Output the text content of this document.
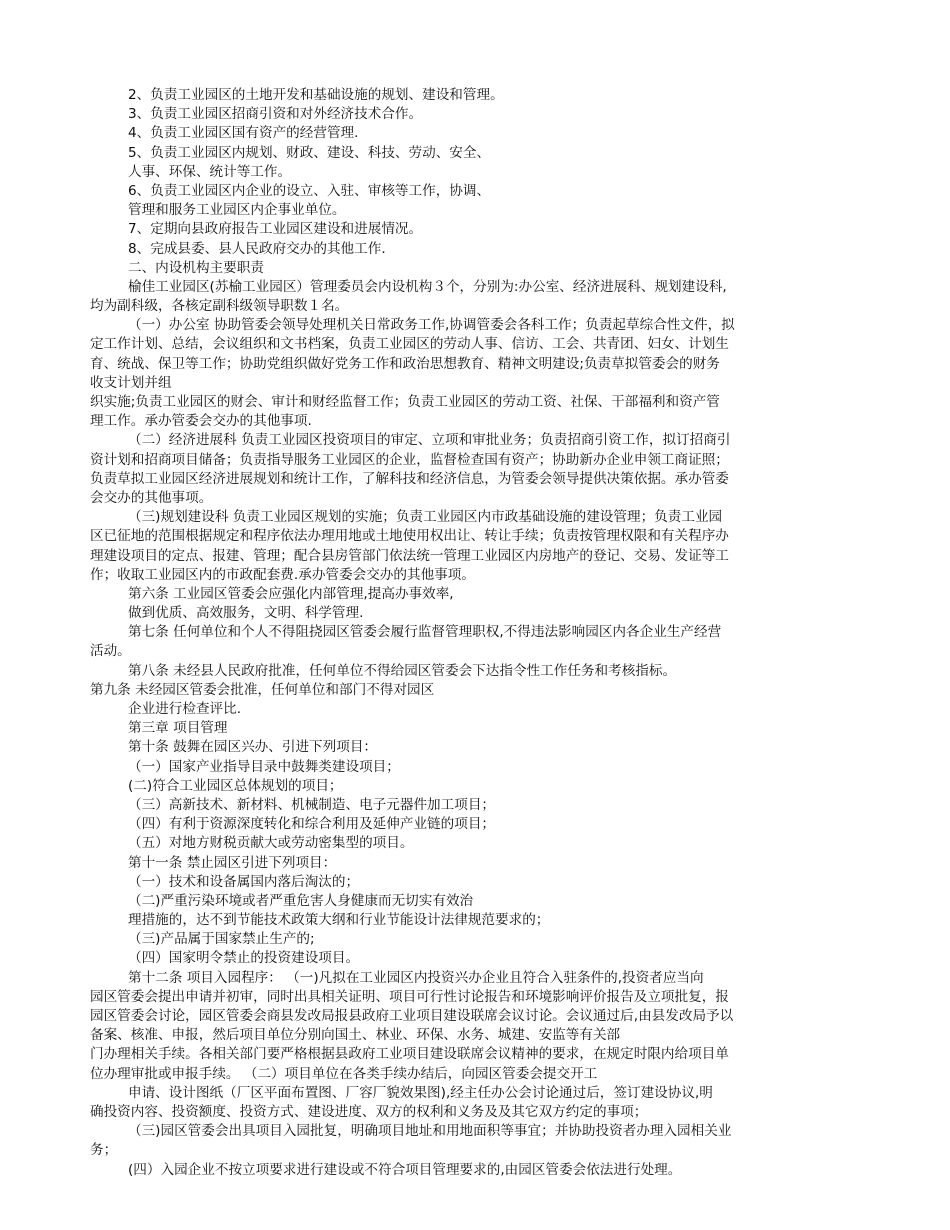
2、负责工业园区的土地开发和基础设施的规划、建设和管理。
3、负责工业园区招商引资和对外经济技术合作。
4、负责工业园区国有资产的经营管理.
5、负责工业园区内规划、财政、建设、科技、劳动、安全、
人事、环保、统计等工作。
6、负责工业园区内企业的设立、入驻、审核等工作，协调、
管理和服务工业园区内企事业单位。
7、定期向县政府报告工业园区建设和进展情况。
8、完成县委、县人民政府交办的其他工作.
二、内设机构主要职责
榆佳工业园区(苏榆工业园区）管理委员会内设机构３个，分别为:办公室、经济进展科、规划建设科,
均为副科级，各核定副科级领导职数１名。
（一）办公室 协助管委会领导处理机关日常政务工作,协调管委会各科工作；负责起草综合性文件，拟
定工作计划、总结，会议组织和文书档案，负责工业园区的劳动人事、信访、工会、共青团、妇女、计划生
育、统战、保卫等工作；协助党组织做好党务工作和政治思想教育、精神文明建设;负责草拟管委会的财务
收支计划并组
织实施;负责工业园区的财会、审计和财经监督工作；负责工业园区的劳动工资、社保、干部福利和资产管
理工作。承办管委会交办的其他事项.
（二）经济进展科 负责工业园区投资项目的审定、立项和审批业务；负责招商引资工作，拟订招商引
资计划和招商项目储备；负责指导服务工业园区的企业，监督检查国有资产；协助新办企业申领工商证照；
负责草拟工业园区经济进展规划和统计工作，了解科技和经济信息，为管委会领导提供决策依据。承办管委
会交办的其他事项。
（三)规划建设科 负责工业园区规划的实施；负责工业园区内市政基础设施的建设管理；负责工业园
区已征地的范围根据规定和程序依法办理用地或土地使用权出让、转让手续；负责按管理权限和有关程序办
理建设项目的定点、报建、管理；配合县房管部门依法统一管理工业园区内房地产的登记、交易、发证等工
作；收取工业园区内的市政配套费.承办管委会交办的其他事项。
第六条 工业园区管委会应强化内部管理,提高办事效率,
做到优质、高效服务，文明、科学管理.
第七条 任何单位和个人不得阻挠园区管委会履行监督管理职权,不得违法影响园区内各企业生产经营
活动。
第八条 未经县人民政府批准，任何单位不得给园区管委会下达指令性工作任务和考核指标。
第九条 未经园区管委会批准，任何单位和部门不得对园区
企业进行检查评比.
第三章 项目管理
第十条 鼓舞在园区兴办、引进下列项目：
（一）国家产业指导目录中鼓舞类建设项目；
(二)符合工业园区总体规划的项目；
（三）高新技术、新材料、机械制造、电子元器件加工项目；
（四）有利于资源深度转化和综合利用及延伸产业链的项目；
（五）对地方财税贡献大或劳动密集型的项目。
第十一条 禁止园区引进下列项目：
（一）技术和设备属国内落后淘汰的；
（二)严重污染环境或者严重危害人身健康而无切实有效治
理措施的，达不到节能技术政策大纲和行业节能设计法律规范要求的；
（三)产品属于国家禁止生产的;
（四）国家明令禁止的投资建设项目。
第十二条 项目入园程序： （一)凡拟在工业园区内投资兴办企业且符合入驻条件的,投资者应当向
园区管委会提出申请并初审，同时出具相关证明、项目可行性讨论报告和环境影响评价报告及立项批复，报
园区管委会讨论，园区管委会商县发改局报县政府工业项目建设联席会议讨论。会议通过后,由县发改局予以
备案、核准、申报，然后项目单位分别向国土、林业、环保、水务、城建、安监等有关部
门办理相关手续。各相关部门要严格根据县政府工业项目建设联席会议精神的要求，在规定时限内给项目单
位办理审批或申报手续。 （二）项目单位在各类手续办结后，向园区管委会提交开工
申请、设计图纸（厂区平面布置图、厂容厂貌效果图),经主任办公会讨论通过后，签订建设协议,明
确投资内容、投资额度、投资方式、建设进度、双方的权利和义务及及其它双方约定的事项；
（三)园区管委会出具项目入园批复，明确项目地址和用地面积等事宜；并协助投资者办理入园相关业
务；
(四）入园企业不按立项要求进行建设或不符合项目管理要求的,由园区管委会依法进行处理。
